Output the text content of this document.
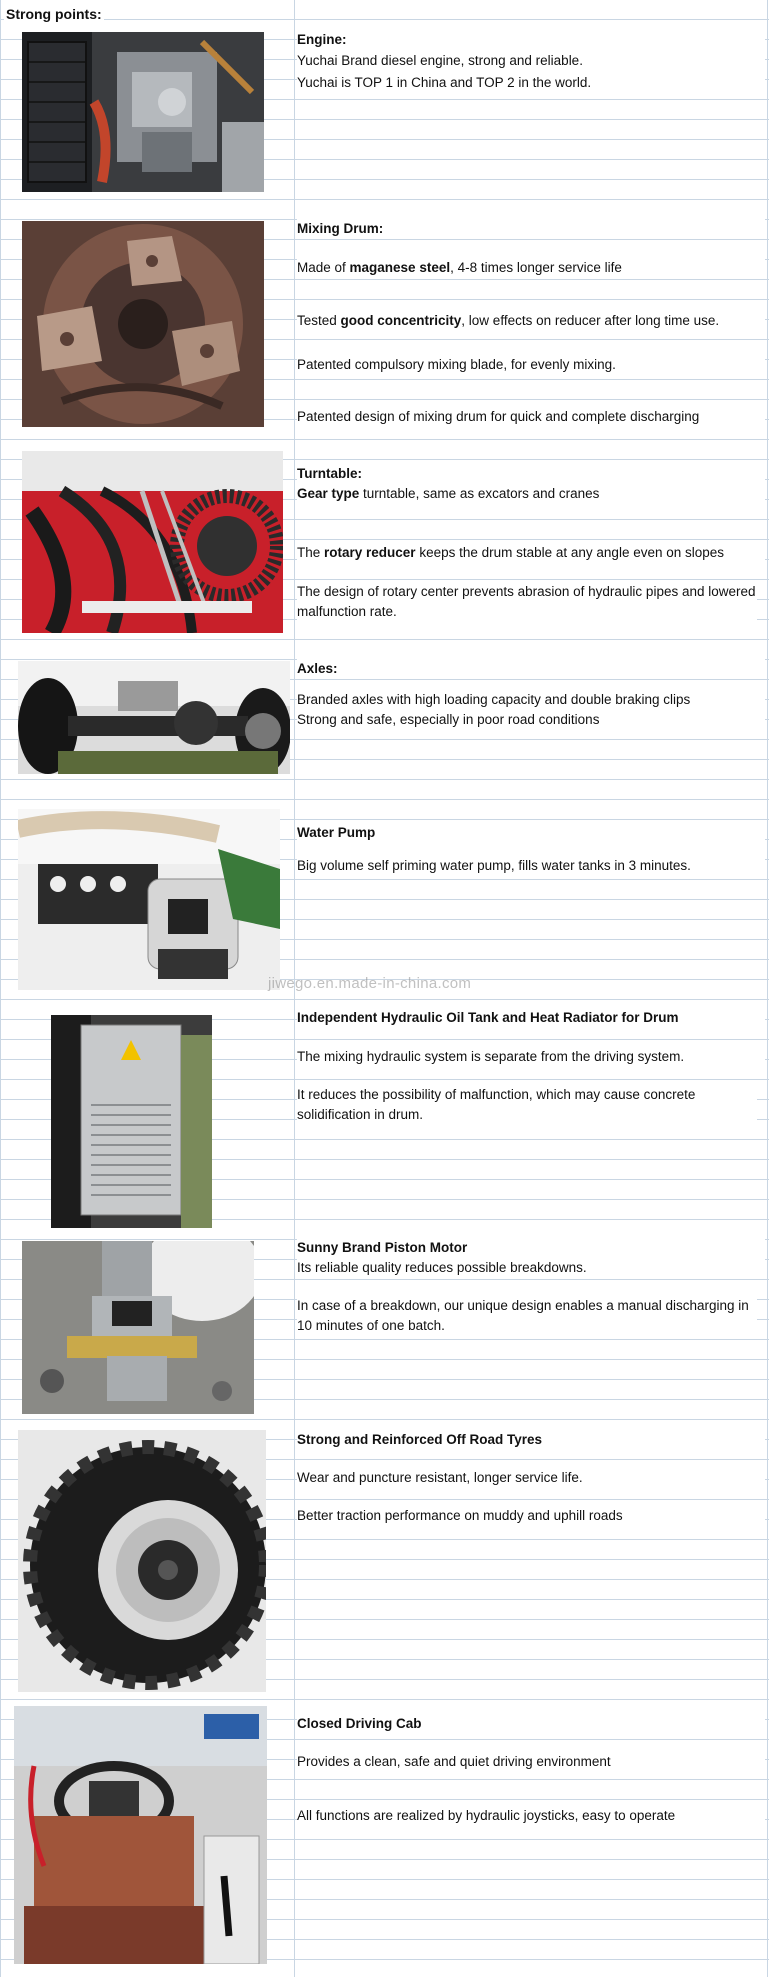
Strong points:
Engine:
Yuchai Brand diesel engine, strong and reliable.
Yuchai is TOP 1 in China and TOP 2 in the world.
Mixing Drum:
Made of maganese steel, 4-8 times longer service life
Tested good concentricity, low effects on reducer after long time use.
Patented compulsory mixing blade, for evenly mixing.
Patented design of mixing drum for quick and complete discharging
Turntable:
Gear type turntable, same as excators and cranes
The rotary reducer keeps the drum stable at any angle even on slopes
The design of rotary center prevents abrasion of hydraulic pipes and lowered malfunction rate.
Axles:
Branded axles with high loading capacity and double braking clips
Strong and safe, especially in poor road conditions
Water Pump
Big volume self priming water pump, fills water tanks in 3 minutes.
jiwego.en.made-in-china.com
Independent Hydraulic Oil Tank and Heat Radiator for Drum
The mixing hydraulic system is separate from the driving system.
It reduces the possibility of malfunction, which may cause concrete solidification in drum.
Sunny Brand Piston Motor
Its reliable quality reduces possible breakdowns.
In case of a breakdown, our unique design enables a manual discharging in 10 minutes of one batch.
Strong and Reinforced Off Road Tyres
Wear and puncture resistant, longer service life.
Better traction performance on muddy and uphill roads
Closed Driving Cab
Provides a clean, safe and quiet driving environment
All functions are realized by hydraulic joysticks, easy to operate
